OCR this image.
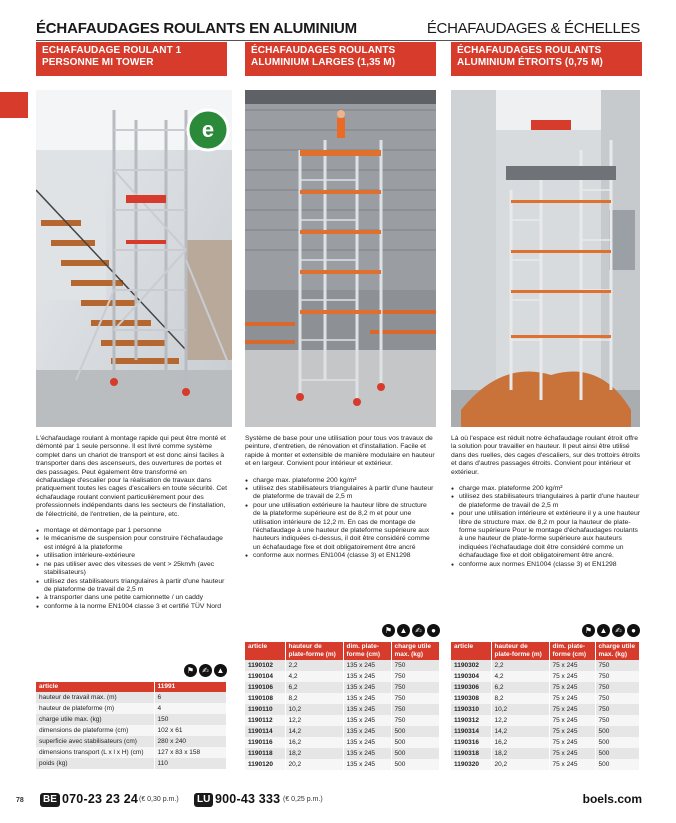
ÉCHAFAUDAGES ROULANTS EN ALUMINIUM	ÉCHAFAUDAGES & ÉCHELLES
ECHAFAUDAGE ROULANT 1 PERSONNE MI TOWER
e
L'échafaudage roulant à montage rapide qui peut être monté et démonté par 1 seule personne. Il est livré comme système complet dans un chariot de transport et est donc ainsi faciles à transporter dans des ascenseurs, des ouvertures de portes et des passages. Peut également être transformé en échafaudage d'escalier pour la réalisation de travaux dans pratiquement toutes les cages d'escaliers en toute sécurité. Cet échafaudage roulant convient particulièrement pour des professionnels indépendants dans les secteurs de l'installation, de l'électricité, de l'entretien, de la peinture, etc.
● montage et démontage par 1 personne
● le mécanisme de suspension pour construire l'échafaudage est intégré à la plateforme
● utilisation intérieure-extérieure
● ne pas utiliser avec des vitesses de vent > 25km/h (avec stabilisateurs)
● utilisez des stabilisateurs triangulaires à partir d'une hauteur de plateforme de travail de 2,5 m
● à transporter dans une petite camionnette / un caddy
● conforme à la norme EN1004 classe 3 et certifié TÜV Nord
⚑	✍ ▲
article	11991
hauteur de travail max. (m)	6
hauteur de plateforme (m)	4
charge utile max. (kg)	150
dimensions de plateforme (cm)	102 x 61
superficie avec stabilisateurs (cm)	280 x 240
dimensions transport (L x l x H) (cm)	127 x 83 x 158
poids (kg)	110
ÉCHAFAUDAGES ROULANTS ALUMINIUM LARGES (1,35 M)
Système de base pour une utilisation pour tous vos travaux de peinture, d'entretien, de rénovation et d'installation. Facile et rapide à monter et extensible de manière modulaire en hauteur et en largeur. Convient pour intérieur et extérieur.
● charge max. plateforme 200 kg/m²
● utilisez des stabilisateurs triangulaires à partir d'une hauteur de plateforme de travail de 2,5 m
● pour une utilisation extérieure la hauteur libre de structure de la plateforme supérieure est de 8,2 m et pour une utilisation intérieure de 12,2 m. En cas de montage de l'échafaudage à une hauteur de plateforme supérieure aux hauteurs indiquées ci-dessus, il doit être considéré comme un échafaudage fixe et doit obligatoirement être ancré
● conforme aux normes EN1004 (classe 3) et EN1298
⚑ ▲ ✍	●
article	hauteur de plate-forme (m)	dim. plate-forme (cm)	charge utile max. (kg)
1190102	2,2	135 x 245	750
1190104	4,2	135 x 245	750
1190106	6,2	135 x 245	750
1190108	8,2	135 x 245	750
1190110	10,2	135 x 245	750
1190112	12,2	135 x 245	750
1190114	14,2	135 x 245	500
1190116	16,2	135 x 245	500
1190118	18,2	135 x 245	500
1190120	20,2	135 x 245	500
ÉCHAFAUDAGES ROULANTS ALUMINIUM ÉTROITS (0,75 M)
Là où l'espace est réduit notre échafaudage roulant étroit offre la solution pour travailler en hauteur. Il peut ainsi être utilisé dans des ruelles, des cages d'escaliers, sur des trottoirs étroits et dans d'autres passages étroits. Convient pour intérieur et extérieur.
● charge max. plateforme 200 kg/m²
● utilisez des stabilisateurs triangulaires à partir d'une hauteur de plateforme de travail de 2,5 m
● pour une utilisation intérieure et extérieure il y a une hauteur libre de structure max. de 8,2 m pour la hauteur de plate-forme supérieure Pour le montage d'échafaudages roulants à une hauteur de plate-forme supérieure aux hauteurs indiquées l'échafaudage doit être considéré comme un échafaudage fixe et doit obligatoirement être ancré.
● conforme aux normes EN1004 (classe 3) et EN1298
⚑ ▲ ✍	●
article	hauteur de plate-forme (m)	dim. plate-forme (cm)	charge utile max. (kg)
1190302	2,2	75 x 245	750
1190304	4,2	75 x 245	750
1190306	6,2	75 x 245	750
1190308	8,2	75 x 245	750
1190310	10,2	75 x 245	750
1190312	12,2	75 x 245	750
1190314	14,2	75 x 245	500
1190316	16,2	75 x 245	500
1190318	18,2	75 x 245	500
1190320	20,2	75 x 245	500
78	BE 070-23 23 24 (€ 0,30 p.m.)	LU 900-43 333 (€ 0,25 p.m.)	boels.com
